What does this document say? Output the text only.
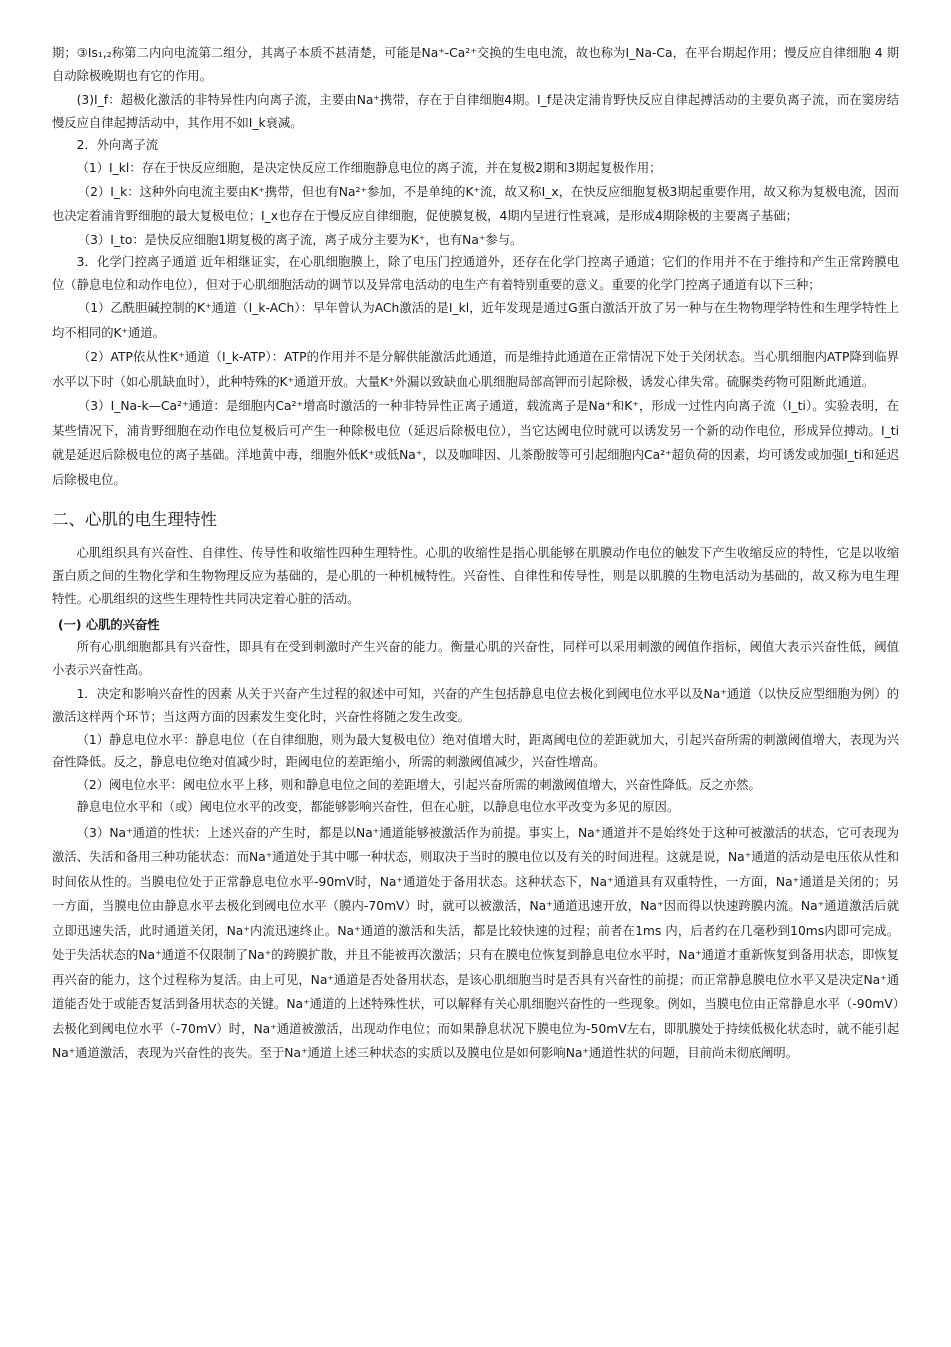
期；③Is₁,₂称第二内向电流第二组分，其离子本质不甚清楚，可能是Na⁺-Ca²⁺交换的生电电流，故也称为I_Na-Ca，在平台期起作用；慢反应自律细胞 4 期自动除极晚期也有它的作用。

(3)I_f：超极化激活的非特异性内向离子流，主要由Na⁺携带，存在于自律细胞4期。I_f是决定浦肯野快反应自律起搏活动的主要负离子流，而在窦房结慢反应自律起搏活动中，其作用不如I_k衰减。

2．外向离子流

（1）I_kl：存在于快反应细胞，是决定快反应工作细胞静息电位的离子流，并在复极2期和3期起复极作用；

（2）I_k：这种外向电流主要由K⁺携带，但也有Na²⁺参加，不是单纯的K⁺流，故又称I_x，在快反应细胞复极3期起重要作用，故又称为复极电流，因而也决定着浦肯野细胞的最大复极电位；I_x也存在于慢反应自律细胞，促使膜复极，4期内呈进行性衰减，是形成4期除极的主要离子基础；

（3）I_to：是快反应细胞1期复极的离子流，离子成分主要为K⁺，也有Na⁺参与。

3．化学门控离子通道 近年相继证实，在心肌细胞膜上，除了电压门控通道外，还存在化学门控离子通道；它们的作用并不在于维持和产生正常跨膜电位（静息电位和动作电位），但对于心肌细胞活动的调节以及异常电活动的电生产有着特别重要的意义。重要的化学门控离子通道有以下三种；

（1）乙酰胆碱控制的K⁺通道（I_k-ACh）：早年曾认为ACh激活的是I_kl，近年发现是通过G蛋白激活开放了另一种与在生物物理学特性和生理学特性上均不相同的K⁺通道。

（2）ATP依从性K⁺通道（I_k-ATP）：ATP的作用并不是分解供能激活此通道，而是维持此通道在正常情况下处于关闭状态。当心肌细胞内ATP降到临界水平以下时（如心肌缺血时），此种特殊的K⁺通道开放。大量K⁺外漏以致缺血心肌细胞局部高钾而引起除极，诱发心律失常。硫脲类药物可阻断此通道。

（3）I_Na-k—Ca²⁺通道：是细胞内Ca²⁺增高时激活的一种非特异性正离子通道，载流离子是Na⁺和K⁺，形成一过性内向离子流（I_ti）。实验表明，在某些情况下，浦肯野细胞在动作电位复极后可产生一种除极电位（延迟后除极电位），当它达阈电位时就可以诱发另一个新的动作电位，形成异位搏动。I_ti就是延迟后除极电位的离子基础。洋地黄中毒，细胞外低K⁺或低Na⁺，以及咖啡因、儿茶酚胺等可引起细胞内Ca²⁺超负荷的因素，均可诱发或加强I_ti和延迟后除极电位。

二、心肌的电生理特性

心肌组织具有兴奋性、自律性、传导性和收缩性四种生理特性。心肌的收缩性是指心肌能够在肌膜动作电位的触发下产生收缩反应的特性，它是以收缩蛋白质之间的生物化学和生物物理反应为基础的，是心肌的一种机械特性。兴奋性、自律性和传导性，则是以肌膜的生物电活动为基础的，故又称为电生理特性。心肌组织的这些生理特性共同决定着心脏的活动。

(一) 心肌的兴奋性

所有心肌细胞都具有兴奋性，即具有在受到刺激时产生兴奋的能力。衡量心肌的兴奋性，同样可以采用刺激的阈值作指标，阈值大表示兴奋性低，阈值小表示兴奋性高。

1．决定和影响兴奋性的因素 从关于兴奋产生过程的叙述中可知，兴奋的产生包括静息电位去极化到阈电位水平以及Na⁺通道（以快反应型细胞为例）的激活这样两个环节；当这两方面的因素发生变化时，兴奋性将随之发生改变。

（1）静息电位水平：静息电位（在自律细胞，则为最大复极电位）绝对值增大时，距离阈电位的差距就加大，引起兴奋所需的刺激阈值增大，表现为兴奋性降低。反之，静息电位绝对值减少时，距阈电位的差距缩小，所需的刺激阈值减少，兴奋性增高。

（2）阈电位水平：阈电位水平上移，则和静息电位之间的差距增大，引起兴奋所需的刺激阈值增大，兴奋性降低。反之亦然。

静息电位水平和（或）阈电位水平的改变，都能够影响兴奋性，但在心脏，以静息电位水平改变为多见的原因。

（3）Na⁺通道的性状：上述兴奋的产生时，都是以Na⁺通道能够被激活作为前提。事实上，Na⁺通道并不是始终处于这种可被激活的状态，它可表现为激活、失活和备用三种功能状态：而Na⁺通道处于其中哪一种状态，则取决于当时的膜电位以及有关的时间进程。这就是说，Na⁺通道的活动是电压依从性和时间依从性的。当膜电位处于正常静息电位水平-90mV时，Na⁺通道处于备用状态。这种状态下，Na⁺通道具有双重特性，一方面，Na⁺通道是关闭的；另一方面，当膜电位由静息水平去极化到阈电位水平（膜内-70mV）时，就可以被激活，Na⁺通道迅速开放，Na⁺因而得以快速跨膜内流。Na⁺通道激活后就立即迅速失活，此时通道关闭，Na⁺内流迅速终止。Na⁺通道的激活和失活，都是比较快速的过程；前者在1ms 内，后者约在几毫秒到10ms内即可完成。处于失活状态的Na⁺通道不仅限制了Na⁺的跨膜扩散，并且不能被再次激活；只有在膜电位恢复到静息电位水平时，Na⁺通道才重新恢复到备用状态，即恢复再兴奋的能力，这个过程称为复活。由上可见，Na⁺通道是否处备用状态，是该心肌细胞当时是否具有兴奋性的前提；而正常静息膜电位水平又是决定Na⁺通道能否处于或能否复活到备用状态的关键。Na⁺通道的上述特殊性状，可以解释有关心肌细胞兴奋性的一些现象。例如，当膜电位由正常静息水平（-90mV）去极化到阈电位水平（-70mV）时，Na⁺通道被激活，出现动作电位；而如果静息状况下膜电位为-50mV左右，即肌膜处于持续低极化状态时，就不能引起Na⁺通道激活，表现为兴奋性的丧失。至于Na⁺通道上述三种状态的实质以及膜电位是如何影响Na⁺通道性状的问题，目前尚未彻底阐明。
